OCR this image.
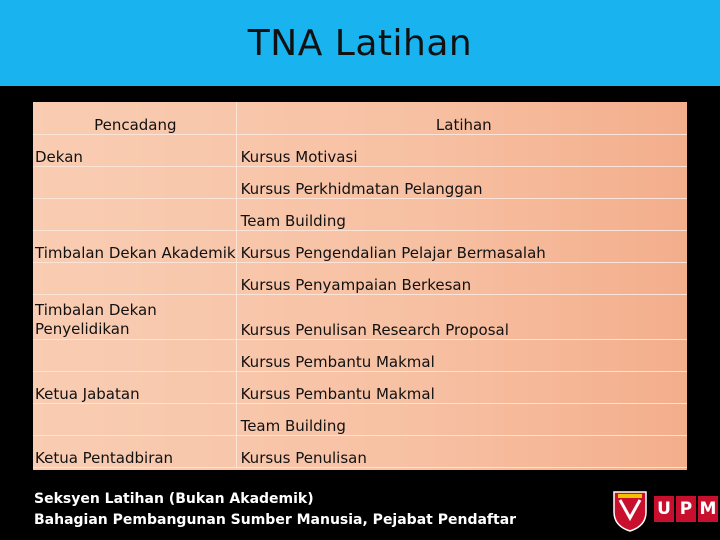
TNA Latihan
Pencadang	Latihan
Dekan	Kursus Motivasi
	Kursus Perkhidmatan Pelanggan
	Team Building
Timbalan Dekan Akademik	Kursus Pengendalian Pelajar Bermasalah
	Kursus Penyampaian Berkesan
Timbalan Dekan Penyelidikan	Kursus Penulisan Research Proposal
	Kursus Pembantu Makmal
Ketua Jabatan	Kursus Pembantu Makmal
	Team Building
Ketua Pentadbiran	Kursus Penulisan
Seksyen Latihan (Bukan Akademik)
Bahagian Pembangunan Sumber Manusia, Pejabat Pendaftar
U P M
